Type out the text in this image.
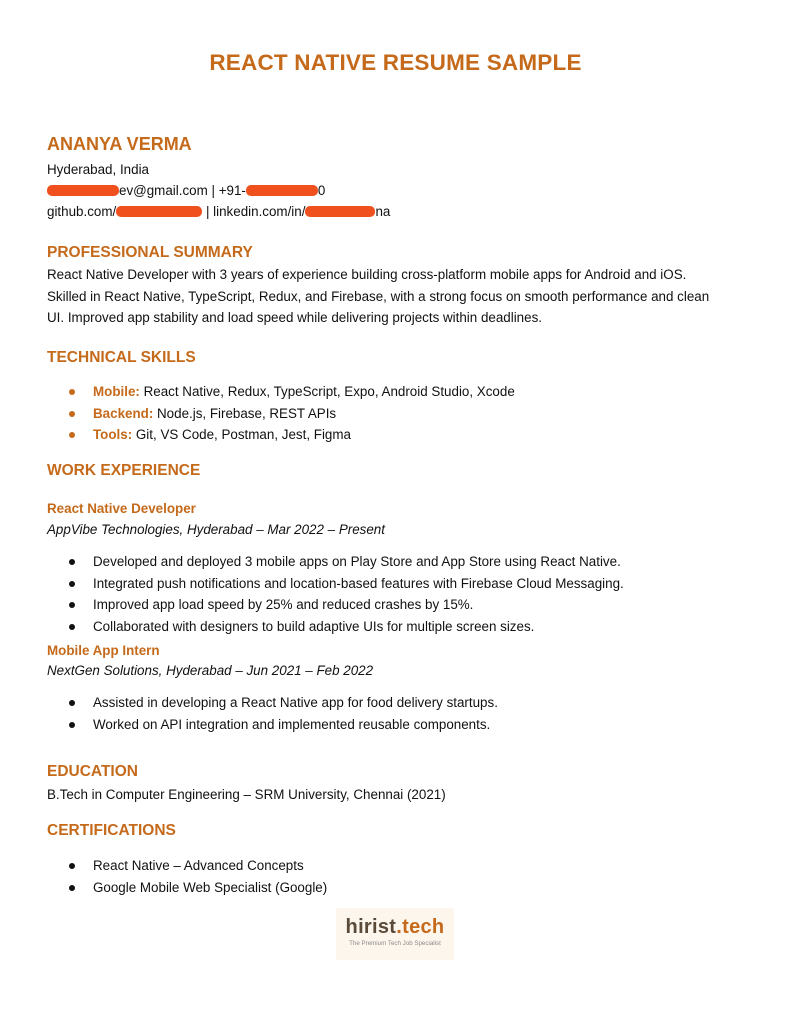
REACT NATIVE RESUME SAMPLE
ANANYA VERMA
Hyderabad, India
ev@gmail.com | +91-	0
github.com/	| linkedin.com/in/	na
PROFESSIONAL SUMMARY

React Native Developer with 3 years of experience building cross-platform mobile apps for Android and iOS.

Skilled in React Native, TypeScript, Redux, and Firebase, with a strong focus on smooth performance and clean

UI. Improved app stability and load speed while delivering projects within deadlines.

TECHNICAL SKILLS
Mobile: React Native, Redux, TypeScript, Expo, Android Studio, Xcode
Backend: Node.js, Firebase, REST APIs
Tools: Git, VS Code, Postman, Jest, Figma
WORK EXPERIENCE
React Native Developer
AppVibe Technologies, Hyderabad – Mar 2022 – Present
Developed and deployed 3 mobile apps on Play Store and App Store using React Native.
Integrated push notifications and location-based features with Firebase Cloud Messaging.
Improved app load speed by 25% and reduced crashes by 15%.
Collaborated with designers to build adaptive UIs for multiple screen sizes.
Mobile App Intern
NextGen Solutions, Hyderabad – Jun 2021 – Feb 2022
Assisted in developing a React Native app for food delivery startups.
Worked on API integration and implemented reusable components.
EDUCATION
B.Tech in Computer Engineering – SRM University, Chennai (2021)
CERTIFICATIONS
React Native – Advanced Concepts
Google Mobile Web Specialist (Google)
hirist.tech
The Premium Tech Job Specialist
